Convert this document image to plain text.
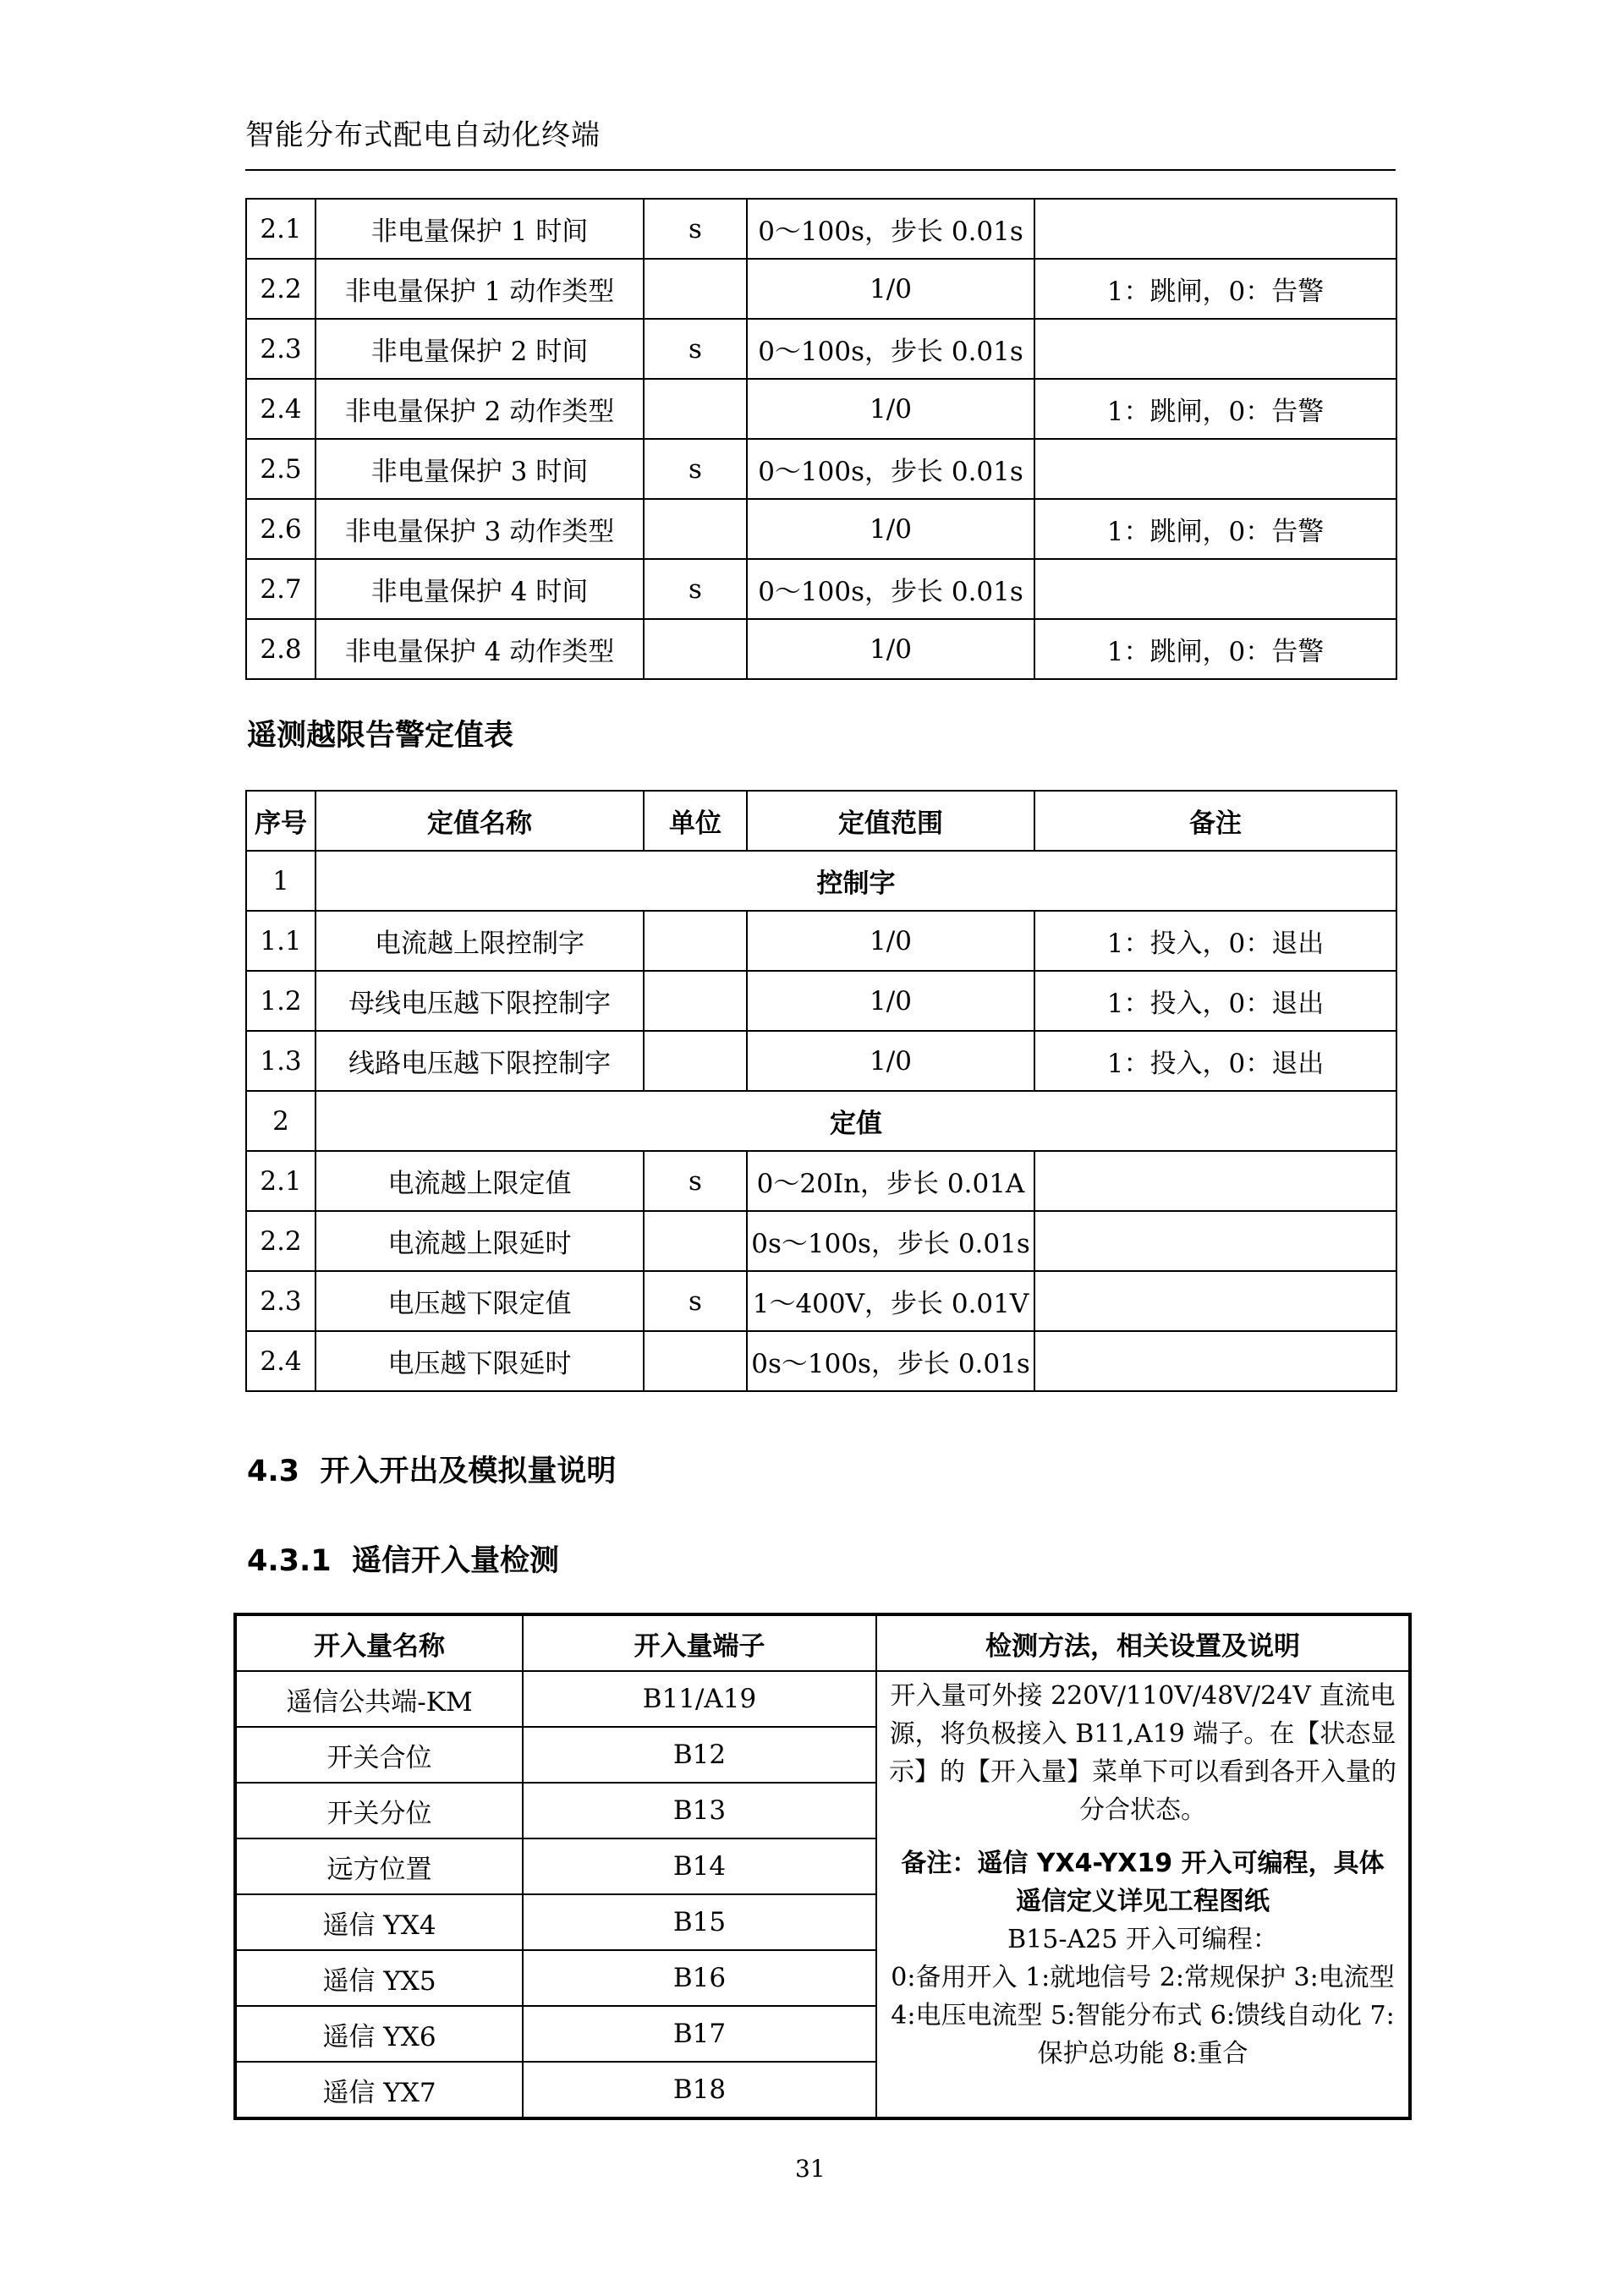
智能分布式配电自动化终端
2.1	非电量保护 1 时间	s	0～100s，步长 0.01s	
2.2	非电量保护 1 动作类型		1/0	1：跳闸，0：告警
2.3	非电量保护 2 时间	s	0～100s，步长 0.01s	
2.4	非电量保护 2 动作类型		1/0	1：跳闸，0：告警
2.5	非电量保护 3 时间	s	0～100s，步长 0.01s	
2.6	非电量保护 3 动作类型		1/0	1：跳闸，0：告警
2.7	非电量保护 4 时间	s	0～100s，步长 0.01s	
2.8	非电量保护 4 动作类型		1/0	1：跳闸，0：告警
遥测越限告警定值表
序号	定值名称	单位	定值范围	备注
1	控制字			
1.1	电流越上限控制字		1/0	1：投入，0：退出
1.2	母线电压越下限控制字		1/0	1：投入，0：退出
1.3	线路电压越下限控制字		1/0	1：投入，0：退出
2	定值			
2.1	电流越上限定值	s	0～20In，步长 0.01A	
2.2	电流越上限延时		0s～100s，步长 0.01s	
2.3	电压越下限定值	s	1～400V，步长 0.01V	
2.4	电压越下限延时		0s～100s，步长 0.01s	
4.3 开入开出及模拟量说明
4.3.1 遥信开入量检测
开入量名称	开入量端子	检测方法，相关设置及说明
遥信公共端-KM	B11/A19	开入量可外接 220V/110V/48V/24V 直流电源，将负极接入 B11,A19 端子。在【状态显示】的【开入量】菜单下可以看到各开入量的分合状态。

备注：遥信 YX4-YX19 开入可编程，具体遥信定义详见工程图纸

B15-A25 开入可编程：

0:备用开入 1:就地信号 2:常规保护 3:电流型 4:电压电流型 5:智能分布式 6:馈线自动化 7:保护总功能 8:重合

开关合位	B12	
开关分位	B13	
远方位置	B14	
遥信 YX4	B15	
遥信 YX5	B16	
遥信 YX6	B17	
遥信 YX7	B18	
31
